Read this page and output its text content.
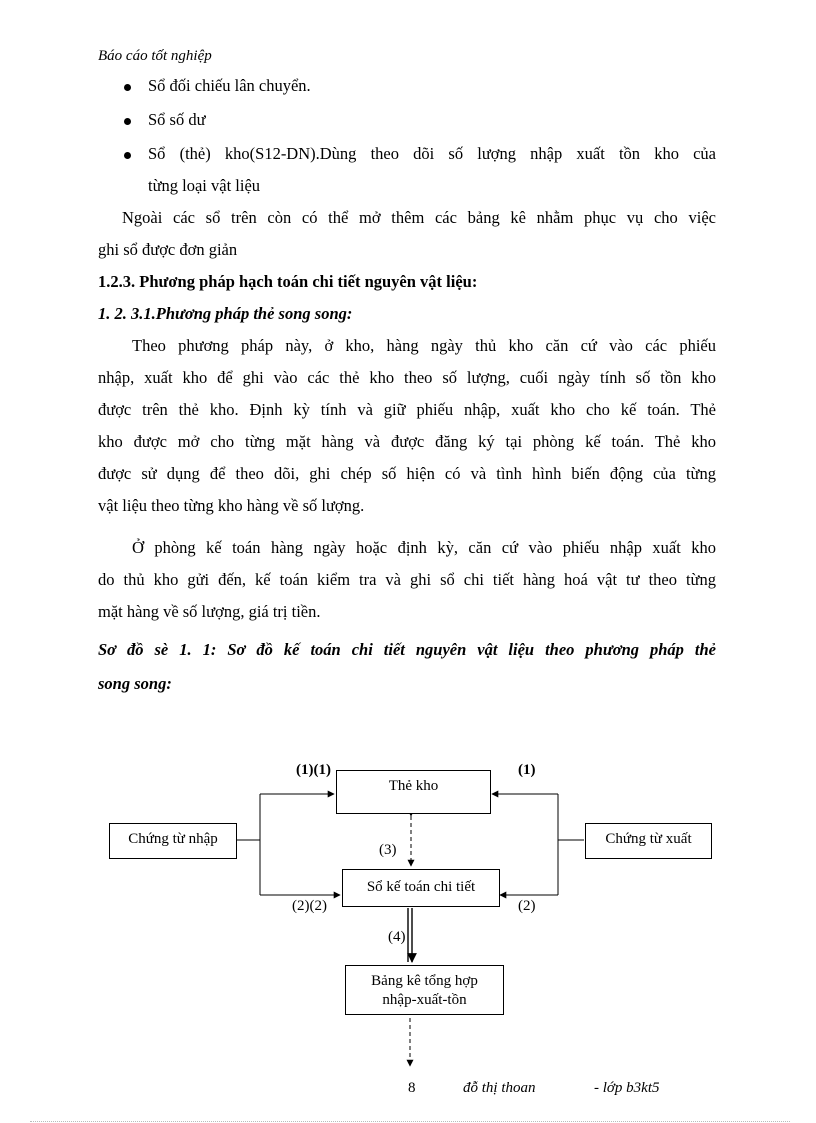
Báo cáo tốt nghiệp
Sổ đối chiếu lân chuyển.
Sổ số dư
Sổ (thẻ) kho(S12-DN).Dùng theo dõi số lượng nhập xuất tồn kho của
từng loại vật liệu
Ngoài các sổ trên còn có thể mở thêm các bảng kê nhằm phục vụ cho việc
ghi sổ được đơn giản
1.2.3. Phương pháp hạch toán chi tiết nguyên vật liệu:
1. 2. 3.1.Phương pháp thẻ song song:
Theo phương pháp này, ở kho, hàng ngày thủ kho căn cứ vào các phiếu
nhập, xuất kho để ghi vào các thẻ kho theo số lượng, cuối ngày tính số tồn kho
được trên thẻ kho. Định kỳ tính và giữ phiếu nhập, xuất kho cho kế toán. Thẻ
kho được mở cho từng mặt hàng và được đăng ký tại phòng kế toán. Thẻ kho
được sử dụng để theo dõi, ghi chép số hiện có và tình hình biến động của từng
vật liệu theo từng kho hàng về số lượng.
Ở phòng kế toán hàng ngày hoặc định kỳ, căn cứ vào phiếu nhập xuất kho
do thủ kho gửi đến, kế toán kiểm tra và ghi sổ chi tiết hàng hoá vật tư theo từng
mặt hàng về số lượng, giá trị tiền.
Sơ đồ sè 1. 1: Sơ đồ kế toán chi tiết nguyên vật liệu theo phương pháp thẻ
song song:
Thẻ kho
Chứng từ nhập	Chứng từ xuất
Sổ kế toán chi tiết
Bảng kê tổng hợp
nhập-xuất-tồn
(1)(1)	(1)
(3)
(2)(2)	(2)
(4)
8	đỗ thị thoan	- lớp b3kt5
